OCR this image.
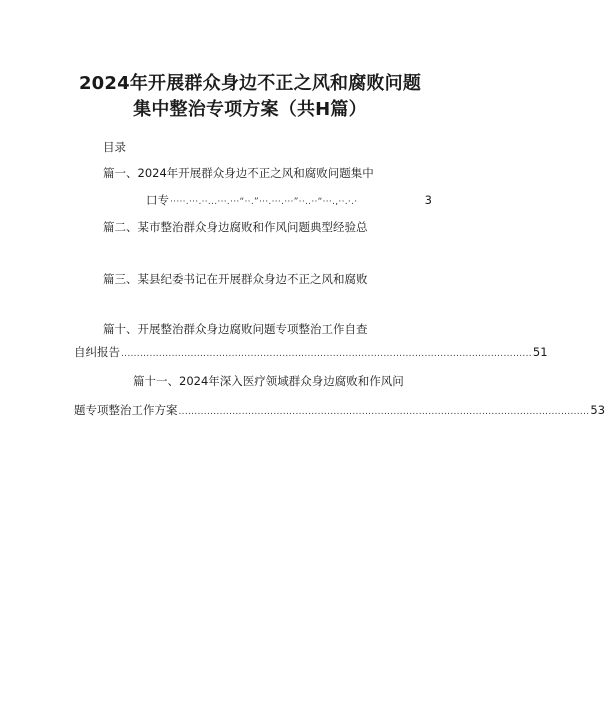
2024年开展群众身边不正之风和腐败问题
集中整治专项方案（共H篇）
目录
篇一、2024年开展群众身边不正之风和腐败问题集中
口专 ·····.···.··...···.···“··.”···.···.···”··..··“···.,··.·.·	3
篇二、某市整治群众身边腐败和作风问题典型经验总
篇三、某县纪委书记在开展群众身边不正之风和腐败
篇十、开展整治群众身边腐败问题专项整治工作自查
自纠报告 .................................................................................................................................. 51
篇十一、2024年深入医疗领域群众身边腐败和作风问
题专项整治工作方案 .................................................................................................................................. 53
